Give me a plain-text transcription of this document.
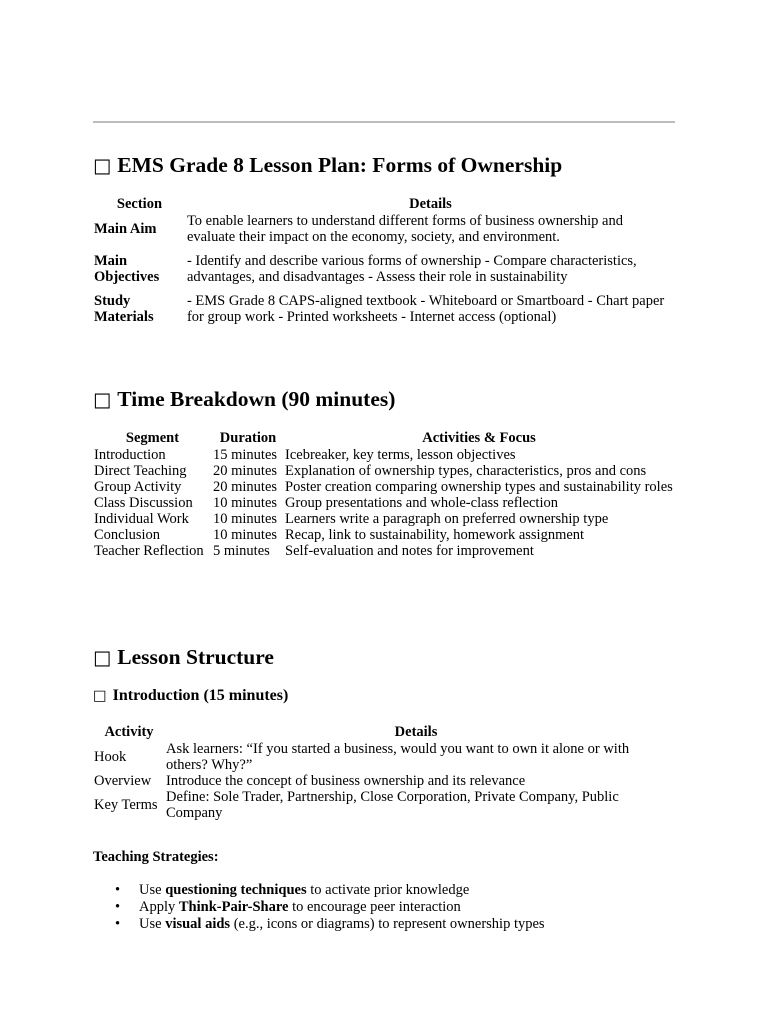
□ EMS Grade 8 Lesson Plan: Forms of Ownership
Section	Details
Main Aim	To enable learners to understand different forms of business ownership and evaluate their impact on the economy, society, and environment.
Main Objectives	- Identify and describe various forms of ownership - Compare characteristics, advantages, and disadvantages - Assess their role in sustainability
Study Materials	- EMS Grade 8 CAPS-aligned textbook - Whiteboard or Smartboard - Chart paper for group work - Printed worksheets - Internet access (optional)
□ Time Breakdown (90 minutes)
Segment	Duration	Activities & Focus
Introduction	15 minutes	Icebreaker, key terms, lesson objectives
Direct Teaching	20 minutes	Explanation of ownership types, characteristics, pros and cons
Group Activity	20 minutes	Poster creation comparing ownership types and sustainability roles
Class Discussion	10 minutes	Group presentations and whole-class reflection
Individual Work	10 minutes	Learners write a paragraph on preferred ownership type
Conclusion	10 minutes	Recap, link to sustainability, homework assignment
Teacher Reflection	5 minutes	Self-evaluation and notes for improvement
□ Lesson Structure
□ Introduction (15 minutes)
Activity	Details
Hook	Ask learners: “If you started a business, would you want to own it alone or with others? Why?”
Overview	Introduce the concept of business ownership and its relevance
Key Terms	Define: Sole Trader, Partnership, Close Corporation, Private Company, Public Company
Teaching Strategies:
• Use questioning techniques to activate prior knowledge
• Apply Think-Pair-Share to encourage peer interaction
• Use visual aids (e.g., icons or diagrams) to represent ownership types
